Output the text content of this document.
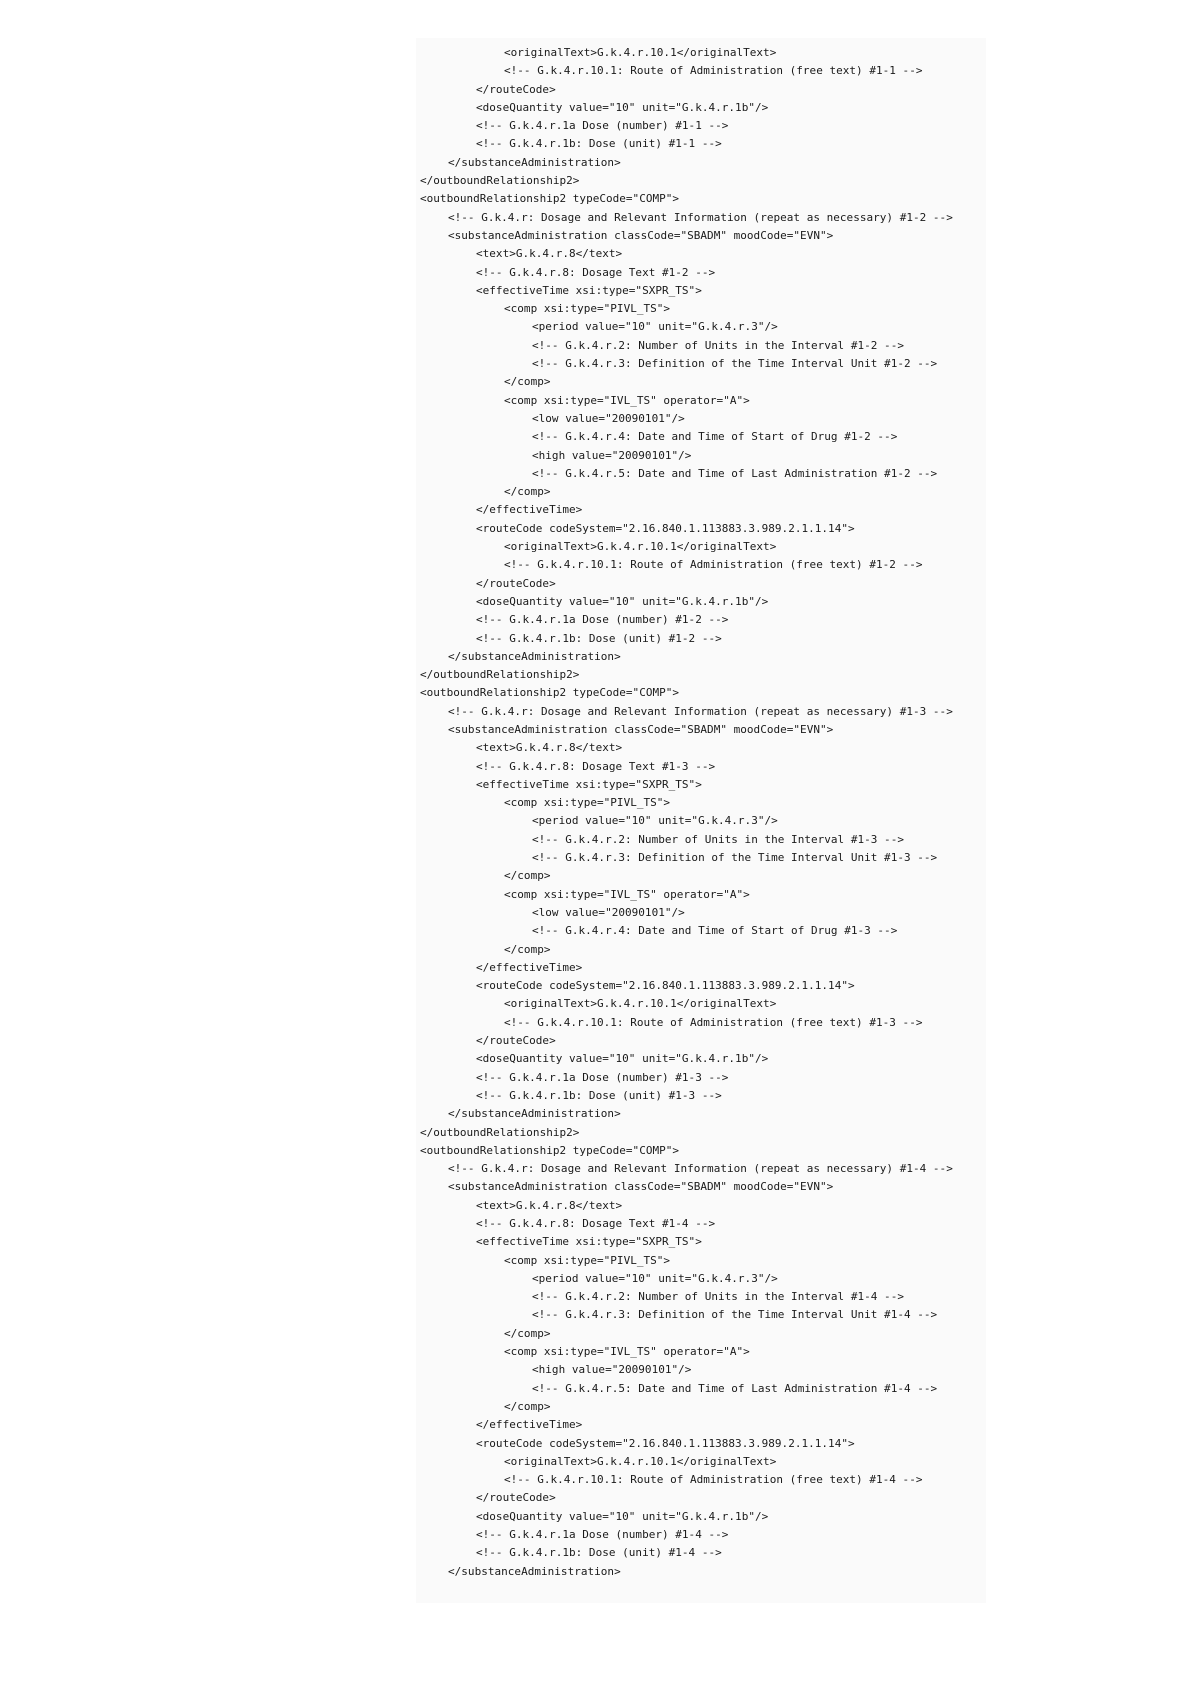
<originalText>G.k.4.r.10.1</originalText>
<!-- G.k.4.r.10.1: Route of Administration (free text) #1-1 -->
</routeCode>
<doseQuantity value="10" unit="G.k.4.r.1b"/>
<!-- G.k.4.r.1a Dose (number) #1-1 -->
<!-- G.k.4.r.1b: Dose (unit) #1-1 -->
</substanceAdministration>
</outboundRelationship2>
<outboundRelationship2 typeCode="COMP">
<!-- G.k.4.r: Dosage and Relevant Information (repeat as necessary) #1-2 -->
<substanceAdministration classCode="SBADM" moodCode="EVN">
<text>G.k.4.r.8</text>
<!-- G.k.4.r.8: Dosage Text #1-2 -->
<effectiveTime xsi:type="SXPR_TS">
<comp xsi:type="PIVL_TS">
<period value="10" unit="G.k.4.r.3"/>
<!-- G.k.4.r.2: Number of Units in the Interval #1-2 -->
<!-- G.k.4.r.3: Definition of the Time Interval Unit #1-2 -->
</comp>
<comp xsi:type="IVL_TS" operator="A">
<low value="20090101"/>
<!-- G.k.4.r.4: Date and Time of Start of Drug #1-2 -->
<high value="20090101"/>
<!-- G.k.4.r.5: Date and Time of Last Administration #1-2 -->
</comp>
</effectiveTime>
<routeCode codeSystem="2.16.840.1.113883.3.989.2.1.1.14">
<originalText>G.k.4.r.10.1</originalText>
<!-- G.k.4.r.10.1: Route of Administration (free text) #1-2 -->
</routeCode>
<doseQuantity value="10" unit="G.k.4.r.1b"/>
<!-- G.k.4.r.1a Dose (number) #1-2 -->
<!-- G.k.4.r.1b: Dose (unit) #1-2 -->
</substanceAdministration>
</outboundRelationship2>
<outboundRelationship2 typeCode="COMP">
<!-- G.k.4.r: Dosage and Relevant Information (repeat as necessary) #1-3 -->
<substanceAdministration classCode="SBADM" moodCode="EVN">
<text>G.k.4.r.8</text>
<!-- G.k.4.r.8: Dosage Text #1-3 -->
<effectiveTime xsi:type="SXPR_TS">
<comp xsi:type="PIVL_TS">
<period value="10" unit="G.k.4.r.3"/>
<!-- G.k.4.r.2: Number of Units in the Interval #1-3 -->
<!-- G.k.4.r.3: Definition of the Time Interval Unit #1-3 -->
</comp>
<comp xsi:type="IVL_TS" operator="A">
<low value="20090101"/>
<!-- G.k.4.r.4: Date and Time of Start of Drug #1-3 -->
</comp>
</effectiveTime>
<routeCode codeSystem="2.16.840.1.113883.3.989.2.1.1.14">
<originalText>G.k.4.r.10.1</originalText>
<!-- G.k.4.r.10.1: Route of Administration (free text) #1-3 -->
</routeCode>
<doseQuantity value="10" unit="G.k.4.r.1b"/>
<!-- G.k.4.r.1a Dose (number) #1-3 -->
<!-- G.k.4.r.1b: Dose (unit) #1-3 -->
</substanceAdministration>
</outboundRelationship2>
<outboundRelationship2 typeCode="COMP">
<!-- G.k.4.r: Dosage and Relevant Information (repeat as necessary) #1-4 -->
<substanceAdministration classCode="SBADM" moodCode="EVN">
<text>G.k.4.r.8</text>
<!-- G.k.4.r.8: Dosage Text #1-4 -->
<effectiveTime xsi:type="SXPR_TS">
<comp xsi:type="PIVL_TS">
<period value="10" unit="G.k.4.r.3"/>
<!-- G.k.4.r.2: Number of Units in the Interval #1-4 -->
<!-- G.k.4.r.3: Definition of the Time Interval Unit #1-4 -->
</comp>
<comp xsi:type="IVL_TS" operator="A">
<high value="20090101"/>
<!-- G.k.4.r.5: Date and Time of Last Administration #1-4 -->
</comp>
</effectiveTime>
<routeCode codeSystem="2.16.840.1.113883.3.989.2.1.1.14">
<originalText>G.k.4.r.10.1</originalText>
<!-- G.k.4.r.10.1: Route of Administration (free text) #1-4 -->
</routeCode>
<doseQuantity value="10" unit="G.k.4.r.1b"/>
<!-- G.k.4.r.1a Dose (number) #1-4 -->
<!-- G.k.4.r.1b: Dose (unit) #1-4 -->
</substanceAdministration>
